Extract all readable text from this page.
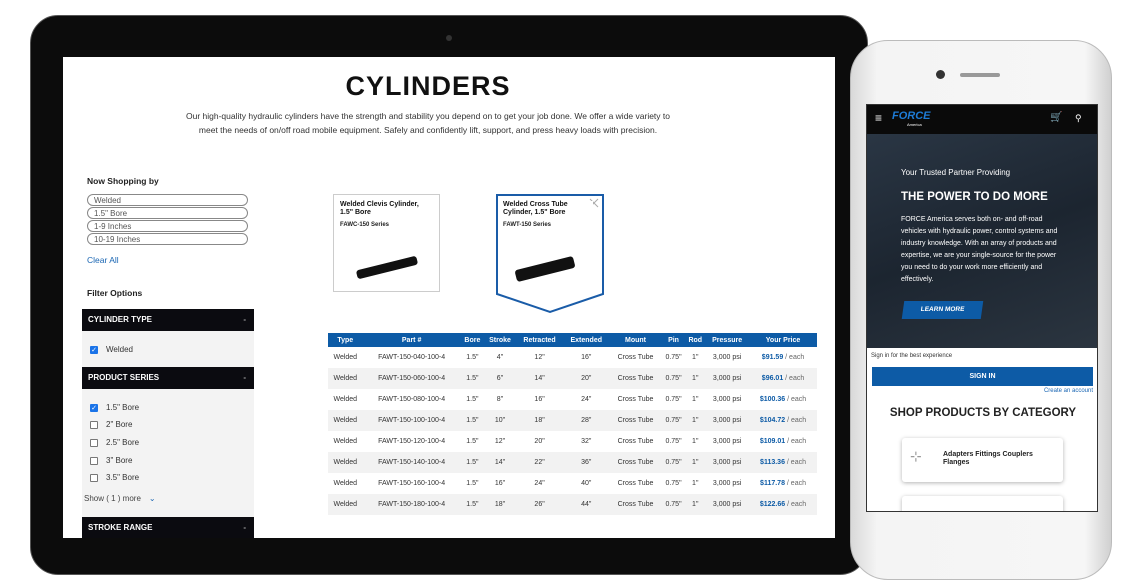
CYLINDERS
Our high-quality hydraulic cylinders have the strength and stability you depend on to get your job done. We offer a wide variety to meet the needs of on/off road mobile equipment. Safely and confidently lift, support, and press heavy loads with precision.
Now Shopping by
Welded
1.5" Bore
1-9 Inches
10-19 Inches
Clear All
Filter Options
CYLINDER TYPE	-
✓ Welded
PRODUCT SERIES	-
✓ 1.5" Bore
2" Bore
2.5" Bore
3" Bore
3.5" Bore
Show ( 1 ) more ⌄
STROKE RANGE	-
Welded Clevis Cylinder, 1.5" Bore
FAWC-150 Series
Welded Cross Tube Cylinder, 1.5" Bore
FAWT-150 Series
Type	Part #	Bore	Stroke	Retracted	Extended	Mount	Pin	Rod	Pressure	Your Price
Welded	FAWT-150-040-100-4	1.5"	4"	12"	16"	Cross Tube	0.75"	1"	3,000 psi	$91.59 / each
Welded	FAWT-150-060-100-4	1.5"	6"	14"	20"	Cross Tube	0.75"	1"	3,000 psi	$96.01 / each
Welded	FAWT-150-080-100-4	1.5"	8"	16"	24"	Cross Tube	0.75"	1"	3,000 psi	$100.36 / each
Welded	FAWT-150-100-100-4	1.5"	10"	18"	28"	Cross Tube	0.75"	1"	3,000 psi	$104.72 / each
Welded	FAWT-150-120-100-4	1.5"	12"	20"	32"	Cross Tube	0.75"	1"	3,000 psi	$109.01 / each
Welded	FAWT-150-140-100-4	1.5"	14"	22"	36"	Cross Tube	0.75"	1"	3,000 psi	$113.36 / each
Welded	FAWT-150-160-100-4	1.5"	16"	24"	40"	Cross Tube	0.75"	1"	3,000 psi	$117.78 / each
Welded	FAWT-150-180-100-4	1.5"	18"	26"	44"	Cross Tube	0.75"	1"	3,000 psi	$122.66 / each
≡ FORCE
America
🛒 ⚲
Your Trusted Partner Providing
THE POWER TO DO MORE
FORCE America serves both on- and off-road vehicles with hydraulic power, control systems and industry knowledge. With an array of products and expertise, we are your single-source for the power you need to do your work more efficiently and effectively.
LEARN MORE
Sign in for the best experience
SIGN IN
Create an account
SHOP PRODUCTS BY CATEGORY
⊹	Adapters Fittings Couplers Flanges
